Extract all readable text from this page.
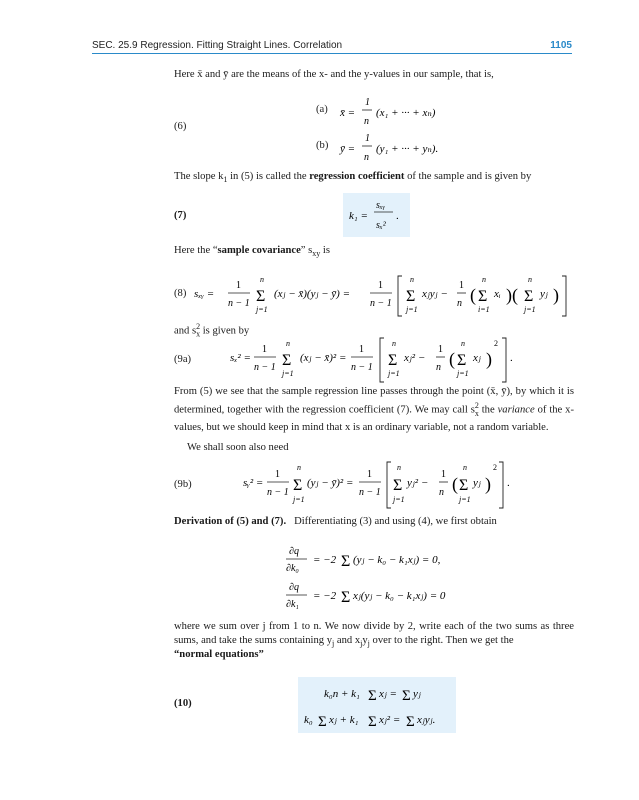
SEC. 25.9 Regression. Fitting Straight Lines. Correlation	1105
Here x̄ and ȳ are the means of the x- and the y-values in our sample, that is,
(6)
(a) x̄ =
1
n
(x₁ + ··· + xₙ)
(b) ȳ =
1
n
(y₁ + ··· + yₙ).
The slope $k_1$ in (5) is called the regression coefficient of the sample and is given by
(7)	k₁ =
sₓᵧ
sₓ²
.
Here the “sample covariance” $s_{xy}$ is
(8) sₓᵧ =
1
n − 1
n
Σ
j=1
(xⱼ − x̄)(yⱼ − ȳ) =
1
n − 1
n
Σ
j=1
xⱼyⱼ −
1
n (
n
Σ
i=1
xᵢ )(
n
Σ
j=1
yⱼ )
and $s_x^2$ is given by
(9a)	sₓ² =
1
n − 1
n
Σ
j=1
(xⱼ − x̄)² =
1
n − 1
n
Σ
j=1
xⱼ² −
1
n (
n
Σ
j=1
xⱼ )
2
.
From (5) we see that the sample regression line passes through the point (x̄, ȳ), by which it is determined, together with the regression coefficient (7). We may call $s^2_x$ the variance of the x-values, but we should keep in mind that x is an ordinary variable, not a random variable.
We shall soon also need
(9b)	sᵧ² =
1
n − 1
n
Σ
j=1
(yⱼ − ȳ)² =
1
n − 1
n
Σ
j=1
yⱼ² −
1
n (
n
Σ
j=1
yⱼ )
2
.
Derivation of (5) and (7). Differentiating (3) and using (4), we first obtain
∂q
∂k₀
= −2 Σ (yⱼ − k₀ − k₁xⱼ) = 0,
∂q
∂k₁
= −2 Σ xⱼ(yⱼ − k₀ − k₁xⱼ) = 0
where we sum over j from 1 to n. We now divide by 2, write each of the two sums as three sums, and take the sums containing $y_j$ and $x_jy_j$ over to the right. Then we get the
“normal equations”
(10)
k₀n + k₁ Σ xⱼ = Σ yⱼ
k₀ Σ xⱼ + k₁ Σ xⱼ² = Σ xⱼyⱼ.
